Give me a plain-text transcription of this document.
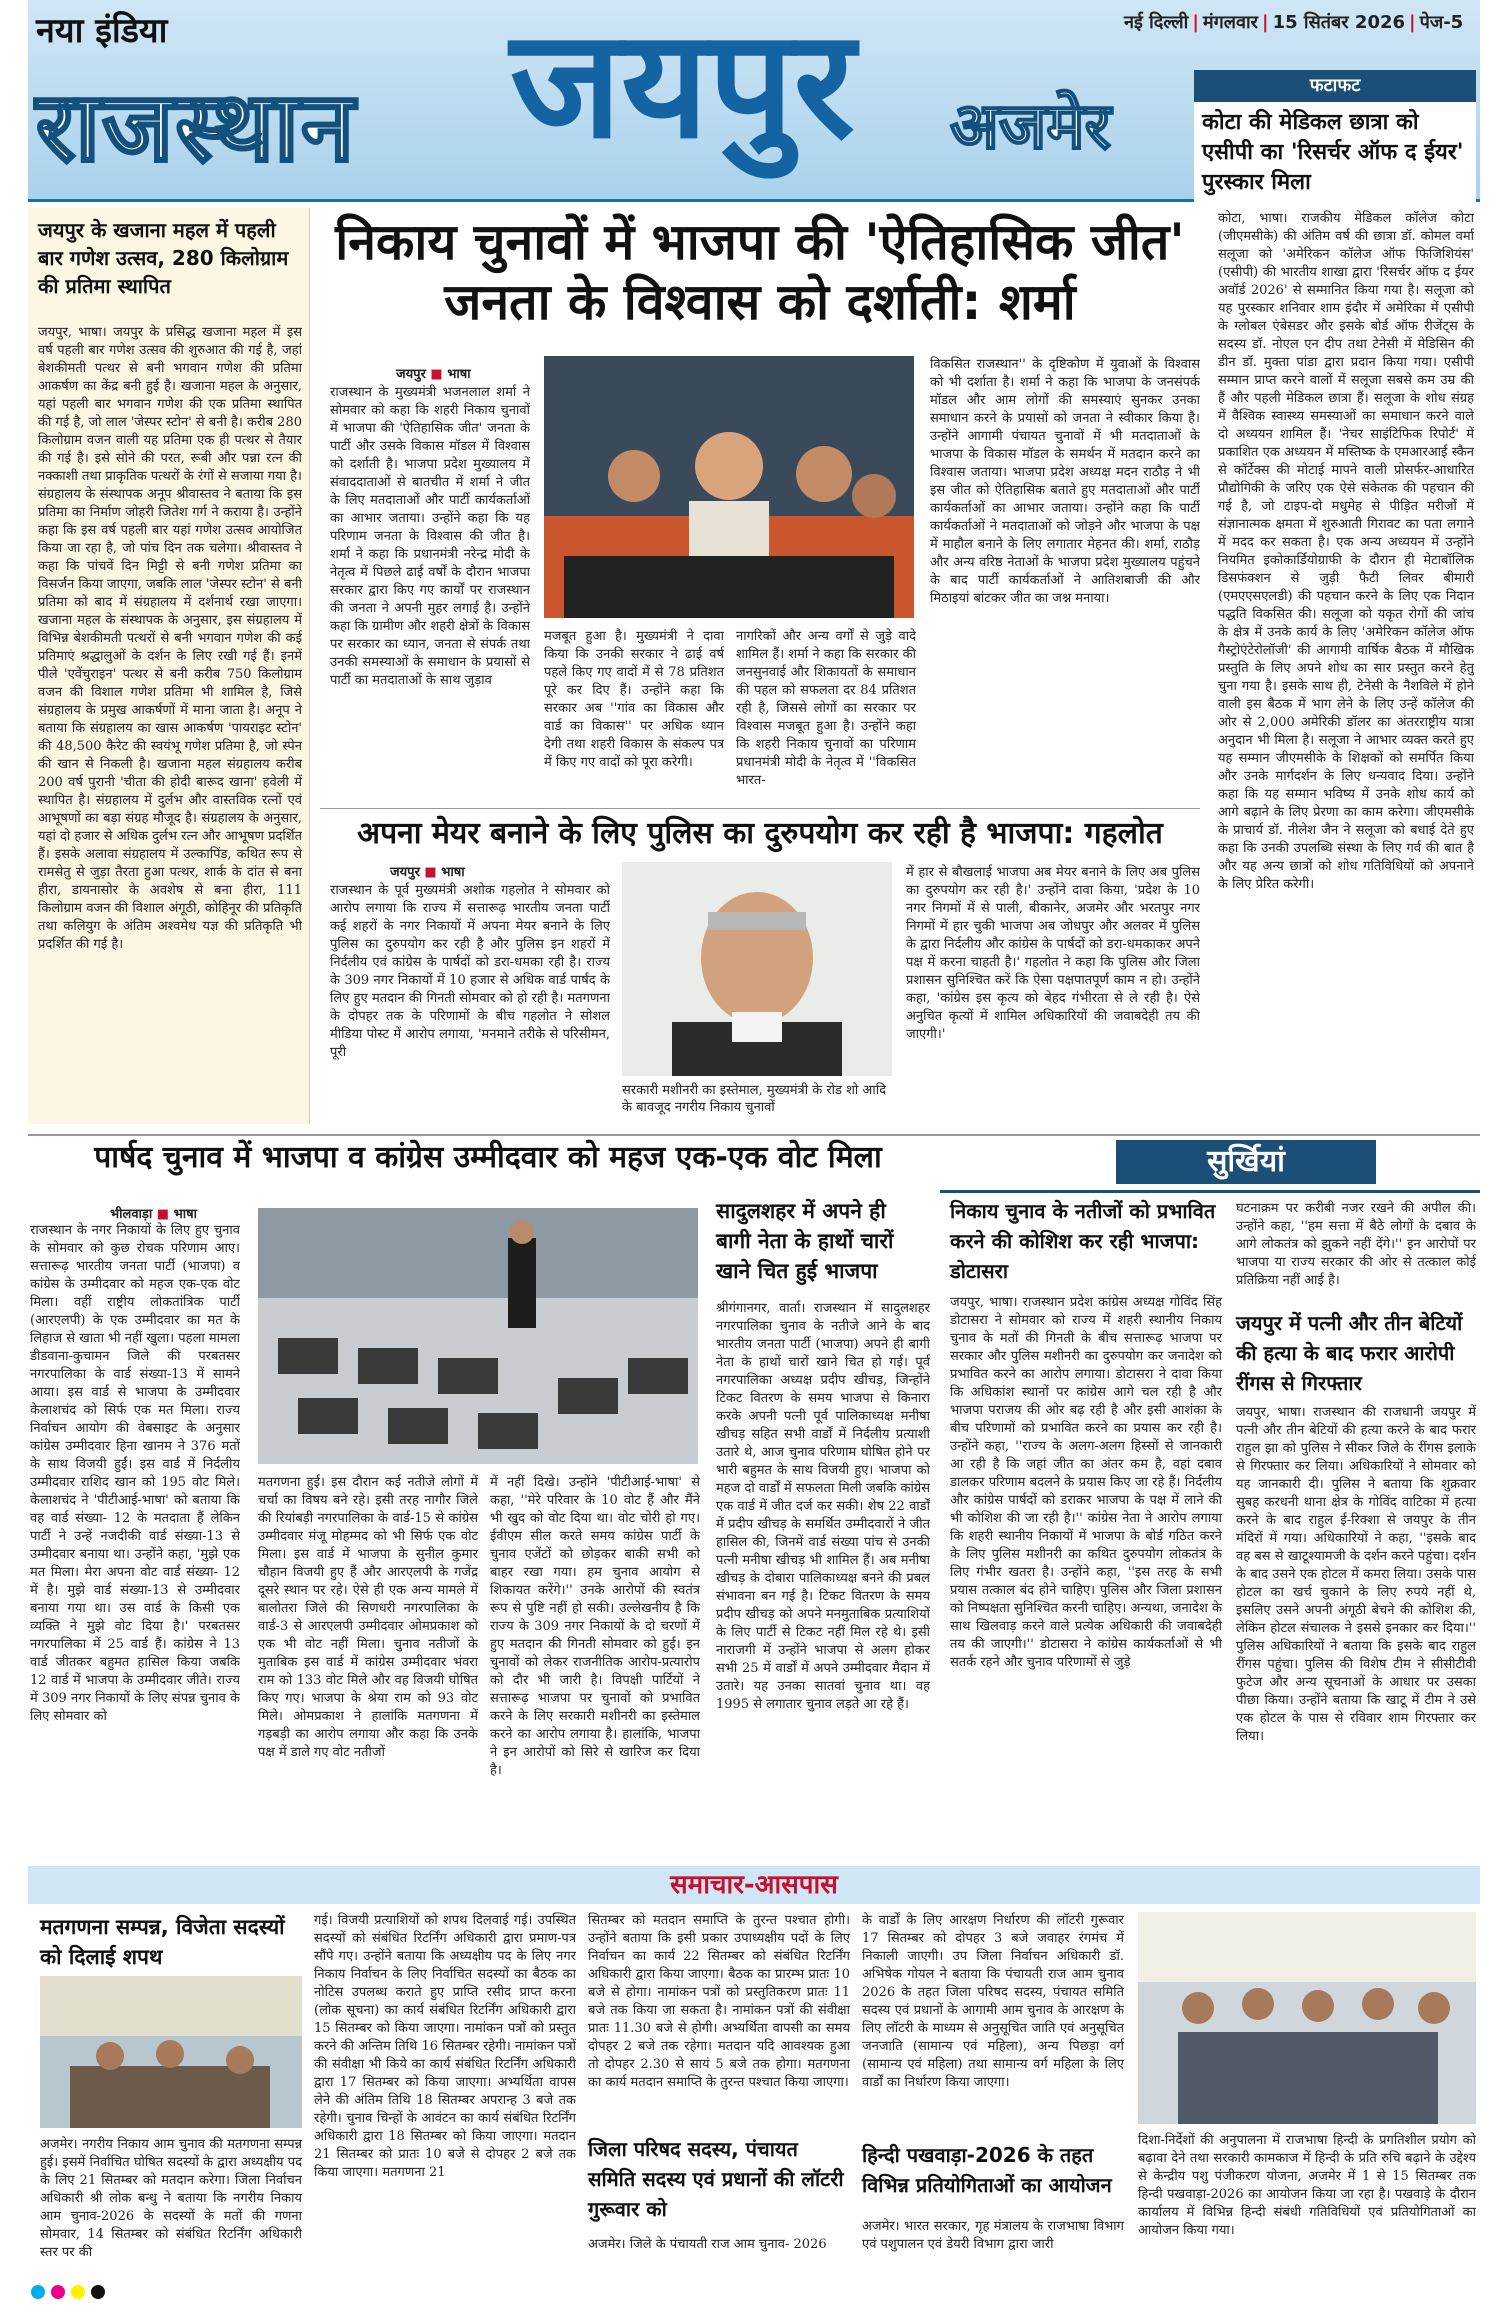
नया इंडिया
राजस्थान जयपुर अजमेर
नई दिल्ली | मंगलवार | 15 सितंबर 2026 | पेज-5
फटाफट
कोटा की मेडिकल छात्रा को एसीपी का 'रिसर्चर ऑफ द ईयर' पुरस्कार मिला
कोटा, भाषा। राजकीय मेडिकल कॉलेज कोटा (जीएमसीके) की अंतिम वर्ष की छात्रा डॉ. कोमल वर्मा सलूजा को 'अमेरिकन कॉलेज ऑफ फिजिशियंस' (एसीपी) की भारतीय शाखा द्वारा 'रिसर्चर ऑफ द ईयर अवॉर्ड 2026' से सम्मानित किया गया है। सलूजा को यह पुरस्कार शनिवार शाम इंदौर में अमेरिका में एसीपी के ग्लोबल एंबेसडर और इसके बोर्ड ऑफ रीजेंट्स के सदस्य डॉ. नोएल एन दीप तथा टेनेसी में मेडिसिन की डीन डॉ. मुक्ता पांडा द्वारा प्रदान किया गया। एसीपी सम्मान प्राप्त करने वालों में सलूजा सबसे कम उम्र की हैं और पहली मेडिकल छात्रा हैं। सलूजा के शोध संग्रह में वैश्विक स्वास्थ्य समस्याओं का समाधान करने वाले दो अध्ययन शामिल हैं। 'नेचर साइंटिफिक रिपोर्ट' में प्रकाशित एक अध्ययन में मस्तिष्क के एमआरआई स्कैन से कॉर्टेक्स की मोटाई मापने वाली प्रोसर्फर-आधारित प्रौद्योगिकी के जरिए एक ऐसे संकेतक की पहचान की गई है, जो टाइप-दो मधुमेह से पीड़ित मरीजों में संज्ञानात्मक क्षमता में शुरुआती गिरावट का पता लगाने में मदद कर सकता है। एक अन्य अध्ययन में उन्होंने नियमित इकोकार्डियोग्राफी के दौरान ही मेटाबॉलिक डिसफंक्शन से जुड़ी फैटी लिवर बीमारी (एमएएसएलडी) की पहचान करने के लिए एक निदान पद्धति विकसित की। सलूजा को यकृत रोगों की जांच के क्षेत्र में उनके कार्य के लिए 'अमेरिकन कॉलेज ऑफ गैस्ट्रोएंटेरोलॉजी' की आगामी वार्षिक बैठक में मौखिक प्रस्तुति के लिए अपने शोध का सार प्रस्तुत करने हेतु चुना गया है। इसके साथ ही, टेनेसी के नैशविले में होने वाली इस बैठक में भाग लेने के लिए उन्हें कॉलेज की ओर से 2,000 अमेरिकी डॉलर का अंतरराष्ट्रीय यात्रा अनुदान भी मिला है। सलूजा ने आभार व्यक्त करते हुए यह सम्मान जीएमसीके के शिक्षकों को समर्पित किया और उनके मार्गदर्शन के लिए धन्यवाद दिया। उन्होंने कहा कि यह सम्मान भविष्य में उनके शोध कार्य को आगे बढ़ाने के लिए प्रेरणा का काम करेगा। जीएमसीके के प्राचार्य डॉ. नीलेश जैन ने सलूजा को बधाई देते हुए कहा कि उनकी उपलब्धि संस्था के लिए गर्व की बात है और यह अन्य छात्रों को शोध गतिविधियों को अपनाने के लिए प्रेरित करेगी।
जयपुर के खजाना महल में पहली बार गणेश उत्सव, 280 किलोग्राम की प्रतिमा स्थापित
जयपुर, भाषा। जयपुर के प्रसिद्ध खजाना महल में इस वर्ष पहली बार गणेश उत्सव की शुरुआत की गई है, जहां बेशकीमती पत्थर से बनी भगवान गणेश की प्रतिमा आकर्षण का केंद्र बनी हुई है। खजाना महल के अनुसार, यहां पहली बार भगवान गणेश की एक प्रतिमा स्थापित की गई है, जो लाल 'जेस्पर स्टोन' से बनी है। करीब 280 किलोग्राम वजन वाली यह प्रतिमा एक ही पत्थर से तैयार की गई है। इसे सोने की परत, रूबी और पन्ना रत्न की नक्काशी तथा प्राकृतिक पत्थरों के रंगों से सजाया गया है। संग्रहालय के संस्थापक अनूप श्रीवास्तव ने बताया कि इस प्रतिमा का निर्माण जोहरी जितेश गर्ग ने कराया है। उन्होंने कहा कि इस वर्ष पहली बार यहां गणेश उत्सव आयोजित किया जा रहा है, जो पांच दिन तक चलेगा। श्रीवास्तव ने कहा कि पांचवें दिन मिट्टी से बनी गणेश प्रतिमा का विसर्जन किया जाएगा, जबकि लाल 'जेस्पर स्टोन' से बनी प्रतिमा को बाद में संग्रहालय में दर्शनार्थ रखा जाएगा। खजाना महल के संस्थापक के अनुसार, इस संग्रहालय में विभिन्न बेशकीमती पत्थरों से बनी भगवान गणेश की कई प्रतिमाएं श्रद्धालुओं के दर्शन के लिए रखी गई हैं। इनमें पीले 'एवेंचुराइन' पत्थर से बनी करीब 750 किलोग्राम वजन की विशाल गणेश प्रतिमा भी शामिल है, जिसे संग्रहालय के प्रमुख आकर्षणों में माना जाता है। अनूप ने बताया कि संग्रहालय का खास आकर्षण 'पायराइट स्टोन' की 48,500 कैरेट की स्वयंभू गणेश प्रतिमा है, जो स्पेन की खान से निकली है। खजाना महल संग्रहालय करीब 200 वर्ष पुरानी 'चीता की होदी बारूद खाना' हवेली में स्थापित है। संग्रहालय में दुर्लभ और वास्तविक रत्नों एवं आभूषणों का बड़ा संग्रह मौजूद है। संग्रहालय के अनुसार, यहां दो हजार से अधिक दुर्लभ रत्न और आभूषण प्रदर्शित हैं। इसके अलावा संग्रहालय में उल्कापिंड, कथित रूप से रामसेतु से जुड़ा तैरता हुआ पत्थर, शार्क के दांत से बना हीरा, डायनासोर के अवशेष से बना हीरा, 111 किलोग्राम वजन की विशाल अंगूठी, कोहिनूर की प्रतिकृति तथा कलियुग के अंतिम अश्वमेध यज्ञ की प्रतिकृति भी प्रदर्शित की गई है।
निकाय चुनावों में भाजपा की 'ऐतिहासिक जीत' जनता के विश्वास को दर्शाती: शर्मा
जयपुर ■ भाषा
राजस्थान के मुख्यमंत्री भजनलाल शर्मा ने सोमवार को कहा कि शहरी निकाय चुनावों में भाजपा की 'ऐतिहासिक जीत' जनता के पार्टी और उसके विकास मॉडल में विश्वास को दर्शाती है। भाजपा प्रदेश मुख्यालय में संवाददाताओं से बातचीत में शर्मा ने जीत के लिए मतदाताओं और पार्टी कार्यकर्ताओं का आभार जताया। उन्होंने कहा कि यह परिणाम जनता के विश्वास की जीत है। शर्मा ने कहा कि प्रधानमंत्री नरेन्द्र मोदी के नेतृत्व में पिछले ढाई वर्षों के दौरान भाजपा सरकार द्वारा किए गए कार्यों पर राजस्थान की जनता ने अपनी मुहर लगाई है। उन्होंने कहा कि ग्रामीण और शहरी क्षेत्रों के विकास पर सरकार का ध्यान, जनता से संपर्क तथा उनकी समस्याओं के समाधान के प्रयासों से पार्टी का मतदाताओं के साथ जुड़ाव
मजबूत हुआ है। मुख्यमंत्री ने दावा किया कि उनकी सरकार ने ढाई वर्ष पहले किए गए वादों में से 78 प्रतिशत पूरे कर दिए हैं। उन्होंने कहा कि सरकार अब ''गांव का विकास और वार्ड का विकास'' पर अधिक ध्यान देगी तथा शहरी विकास के संकल्प पत्र में किए गए वादों को पूरा करेगी।
नागरिकों और अन्य वर्गों से जुड़े वादे शामिल हैं। शर्मा ने कहा कि सरकार की जनसुनवाई और शिकायतों के समाधान की पहल को सफलता दर 84 प्रतिशत रही है, जिससे लोगों का सरकार पर विश्वास मजबूत हुआ है। उन्होंने कहा कि शहरी निकाय चुनावों का परिणाम प्रधानमंत्री मोदी के नेतृत्व में ''विकसित भारत-
विकसित राजस्थान'' के दृष्टिकोण में युवाओं के विश्वास को भी दर्शाता है। शर्मा ने कहा कि भाजपा के जनसंपर्क मॉडल और आम लोगों की समस्याएं सुनकर उनका समाधान करने के प्रयासों को जनता ने स्वीकार किया है। उन्होंने आगामी पंचायत चुनावों में भी मतदाताओं के भाजपा के विकास मॉडल के समर्थन में मतदान करने का विश्वास जताया। भाजपा प्रदेश अध्यक्ष मदन राठौड़ ने भी इस जीत को ऐतिहासिक बताते हुए मतदाताओं और पार्टी कार्यकर्ताओं का आभार जताया। उन्होंने कहा कि पार्टी कार्यकर्ताओं ने मतदाताओं को जोड़ने और भाजपा के पक्ष में माहौल बनाने के लिए लगातार मेहनत की। शर्मा, राठौड़ और अन्य वरिष्ठ नेताओं के भाजपा प्रदेश मुख्यालय पहुंचने के बाद पार्टी कार्यकर्ताओं ने आतिशबाजी की और मिठाइयां बांटकर जीत का जश्न मनाया।
अपना मेयर बनाने के लिए पुलिस का दुरुपयोग कर रही है भाजपा: गहलोत
जयपुर ■ भाषा
राजस्थान के पूर्व मुख्यमंत्री अशोक गहलोत ने सोमवार को आरोप लगाया कि राज्य में सत्तारूढ़ भारतीय जनता पार्टी कई शहरों के नगर निकायों में अपना मेयर बनाने के लिए पुलिस का दुरुपयोग कर रही है और पुलिस इन शहरों में निर्दलीय एवं कांग्रेस के पार्षदों को डरा-धमका रही है। राज्य के 309 नगर निकायों में 10 हजार से अधिक वार्ड पार्षद के लिए हुए मतदान की गिनती सोमवार को हो रही है। मतगणना के दोपहर तक के परिणामों के बीच गहलोत ने सोशल मीडिया पोस्ट में आरोप लगाया, 'मनमाने तरीके से परिसीमन, पूरी
सरकारी मशीनरी का इस्तेमाल, मुख्यमंत्री के रोड शो आदि के बावजूद नगरीय निकाय चुनावों
में हार से बौखलाई भाजपा अब मेयर बनाने के लिए अब पुलिस का दुरुपयोग कर रही है।' उन्होंने दावा किया, 'प्रदेश के 10 नगर निगमों में से पाली, बीकानेर, अजमेर और भरतपुर नगर निगमों में हार चुकी भाजपा अब जोधपुर और अलवर में पुलिस के द्वारा निर्दलीय और कांग्रेस के पार्षदों को डरा-धमकाकर अपने पक्ष में करना चाहती है।' गहलोत ने कहा कि पुलिस और जिला प्रशासन सुनिश्चित करें कि ऐसा पक्षपातपूर्ण काम न हो। उन्होंने कहा, 'कांग्रेस इस कृत्य को बेहद गंभीरता से ले रही है। ऐसे अनुचित कृत्यों में शामिल अधिकारियों की जवाबदेही तय की जाएगी।'
पार्षद चुनाव में भाजपा व कांग्रेस उम्मीदवार को महज एक-एक वोट मिला
भीलवाड़ा ■ भाषा
राजस्थान के नगर निकायों के लिए हुए चुनाव के सोमवार को कुछ रोचक परिणाम आए। सत्तारूढ़ भारतीय जनता पार्टी (भाजपा) व कांग्रेस के उम्मीदवार को महज एक-एक वोट मिला। वहीं राष्ट्रीय लोकतांत्रिक पार्टी (आरएलपी) के एक उम्मीदवार का मत के लिहाज से खाता भी नहीं खुला। पहला मामला डीडवाना-कुचामन जिले की परबतसर नगरपालिका के वार्ड संख्या-13 में सामने आया। इस वार्ड से भाजपा के उम्मीदवार केलाशचंद को सिर्फ एक मत मिला। राज्य निर्वाचन आयोग की वेबसाइट के अनुसार कांग्रेस उम्मीदवार हिना खानम ने 376 मतों के साथ विजयी हुईं। इस वार्ड में निर्दलीय उम्मीदवार राशिद खान को 195 वोट मिले। केलाशचंद ने 'पीटीआई-भाषा' को बताया कि वह वार्ड संख्या- 12 के मतदाता हैं लेकिन पार्टी ने उन्हें नजदीकी वार्ड संख्या-13 से उम्मीदवार बनाया था। उन्होंने कहा, 'मुझे एक मत मिला। मेरा अपना वोट वार्ड संख्या- 12 में है। मुझे वार्ड संख्या-13 से उम्मीदवार बनाया गया था। उस वार्ड के किसी एक व्यक्ति ने मुझे वोट दिया है।' परबतसर नगरपालिका में 25 वार्ड हैं। कांग्रेस ने 13 वार्ड जीतकर बहुमत हासिल किया जबकि 12 वार्ड में भाजपा के उम्मीदवार जीते। राज्य में 309 नगर निकायों के लिए संपन्न चुनाव के लिए सोमवार को
मतगणना हुई। इस दौरान कई नतीजे लोगों में चर्चा का विषय बने रहे। इसी तरह नागौर जिले की रियांबड़ी नगरपालिका के वार्ड-15 से कांग्रेस उम्मीदवार मंजू मोहम्मद को भी सिर्फ एक वोट मिला। इस वार्ड में भाजपा के सुनील कुमार चौहान विजयी हुए हैं और आरएलपी के गजेंद्र दूसरे स्थान पर रहे। ऐसे ही एक अन्य मामले में बालोतरा जिले की सिणधरी नगरपालिका के वार्ड-3 से आरएलपी उम्मीदवार ओमप्रकाश को एक भी वोट नहीं मिला। चुनाव नतीजों के मुताबिक इस वार्ड में कांग्रेस उम्मीदवार भंवरा राम को 133 वोट मिले और वह विजयी घोषित किए गए। भाजपा के श्रेया राम को 93 वोट मिले। ओमप्रकाश ने हालांकि मतगणना में गड़बड़ी का आरोप लगाया और कहा कि उनके पक्ष में डाले गए वोट नतीजों
में नहीं दिखे। उन्होंने 'पीटीआई-भाषा' से कहा, ''मेरे परिवार के 10 वोट हैं और मैंने भी खुद को वोट दिया था। वोट चोरी हो गए। ईवीएम सील करते समय कांग्रेस पार्टी के चुनाव एजेंटों को छोड़कर बाकी सभी को बाहर रखा गया। हम चुनाव आयोग से शिकायत करेंगे।'' उनके आरोपों की स्वतंत्र रूप से पुष्टि नहीं हो सकी। उल्लेखनीय है कि राज्य के 309 नगर निकायों के दो चरणों में हुए मतदान की गिनती सोमवार को हुई। इन चुनावों को लेकर राजनीतिक आरोप-प्रत्यारोप को दौर भी जारी है। विपक्षी पार्टियों ने सत्तारूढ़ भाजपा पर चुनावों को प्रभावित करने के लिए सरकारी मशीनरी का इस्तेमाल करने का आरोप लगाया है। हालांकि, भाजपा ने इन आरोपों को सिरे से खारिज कर दिया है।
सादुलशहर में अपने ही बागी नेता के हाथों चारों खाने चित हुई भाजपा
श्रीगंगानगर, वार्ता। राजस्थान में सादुलशहर नगरपालिका चुनाव के नतीजे आने के बाद भारतीय जनता पार्टी (भाजपा) अपने ही बागी नेता के हाथों चारों खाने चित हो गई। पूर्व नगरपालिका अध्यक्ष प्रदीप खीचड़, जिन्होंने टिकट वितरण के समय भाजपा से किनारा करके अपनी पत्नी पूर्व पालिकाध्यक्ष मनीषा खीचड़ सहित सभी वार्डों में निर्दलीय प्रत्याशी उतारे थे, आज चुनाव परिणाम घोषित होने पर भारी बहुमत के साथ विजयी हुए। भाजपा को महज दो वार्डों में सफलता मिली जबकि कांग्रेस एक वार्ड में जीत दर्ज कर सकी। शेष 22 वार्डों में प्रदीप खीचड़ के समर्थित उम्मीदवारों ने जीत हासिल की, जिनमें वार्ड संख्या पांच से उनकी पत्नी मनीषा खीचड़ भी शामिल हैं। अब मनीषा खीचड़ के दोबारा पालिकाध्यक्ष बनने की प्रबल संभावना बन गई है। टिकट वितरण के समय प्रदीप खीचड़ को अपने मनमुताबिक प्रत्याशियों के लिए पार्टी से टिकट नहीं मिल रहे थे। इसी नाराजगी में उन्होंने भाजपा से अलग होकर सभी 25 में वार्डों में अपने उम्मीदवार मैदान में उतारे। यह उनका सातवां चुनाव था। वह 1995 से लगातार चुनाव लड़ते आ रहे हैं।
सुर्खियां
निकाय चुनाव के नतीजों को प्रभावित करने की कोशिश कर रही भाजपा: डोटासरा
जयपुर, भाषा। राजस्थान प्रदेश कांग्रेस अध्यक्ष गोविंद सिंह डोटासरा ने सोमवार को राज्य में शहरी स्थानीय निकाय चुनाव के मतों की गिनती के बीच सत्तारूढ़ भाजपा पर सरकार और पुलिस मशीनरी का दुरुपयोग कर जनादेश को प्रभावित करने का आरोप लगाया। डोटासरा ने दावा किया कि अधिकांश स्थानों पर कांग्रेस आगे चल रही है और भाजपा पराजय की ओर बढ़ रही है और इसी आशंका के बीच परिणामों को प्रभावित करने का प्रयास कर रही है। उन्होंने कहा, ''राज्य के अलग-अलग हिस्सों से जानकारी आ रही है कि जहां जीत का अंतर कम है, वहां दबाव डालकर परिणाम बदलने के प्रयास किए जा रहे हैं। निर्दलीय और कांग्रेस पार्षदों को डराकर भाजपा के पक्ष में लाने की भी कोशिश की जा रही है।'' कांग्रेस नेता ने आरोप लगाया कि शहरी स्थानीय निकायों में भाजपा के बोर्ड गठित करने के लिए पुलिस मशीनरी का कथित दुरुपयोग लोकतंत्र के लिए गंभीर खतरा है। उन्होंने कहा, ''इस तरह के सभी प्रयास तत्काल बंद होने चाहिए। पुलिस और जिला प्रशासन को निष्पक्षता सुनिश्चित करनी चाहिए। अन्यथा, जनादेश के साथ खिलवाड़ करने वाले प्रत्येक अधिकारी की जवाबदेही तय की जाएगी।'' डोटासरा ने कांग्रेस कार्यकर्ताओं से भी सतर्क रहने और चुनाव परिणामों से जुड़े
घटनाक्रम पर करीबी नजर रखने की अपील की। उन्होंने कहा, ''हम सत्ता में बैठे लोगों के दबाव के आगे लोकतंत्र को झुकने नहीं देंगे।'' इन आरोपों पर भाजपा या राज्य सरकार की ओर से तत्काल कोई प्रतिक्रिया नहीं आई है।
जयपुर में पत्नी और तीन बेटियों की हत्या के बाद फरार आरोपी रींगस से गिरफ्तार
जयपुर, भाषा। राजस्थान की राजधानी जयपुर में पत्नी और तीन बेटियों की हत्या करने के बाद फरार राहुल झा को पुलिस ने सीकर जिले के रींगस इलाके से गिरफ्तार कर लिया। अधिकारियों ने सोमवार को यह जानकारी दी। पुलिस ने बताया कि शुक्रवार सुबह करधनी थाना क्षेत्र के गोविंद वाटिका में हत्या करने के बाद राहुल ई-रिक्शा से जयपुर के तीन मंदिरों में गया। अधिकारियों ने कहा, ''इसके बाद वह बस से खाटूश्यामजी के दर्शन करने पहुंचा। दर्शन के बाद उसने एक होटल में कमरा लिया। उसके पास होटल का खर्च चुकाने के लिए रुपये नहीं थे, इसलिए उसने अपनी अंगूठी बेचने की कोशिश की, लेकिन होटल संचालक ने इससे इनकार कर दिया।'' पुलिस अधिकारियों ने बताया कि इसके बाद राहुल रींगस पहुंचा। पुलिस की विशेष टीम ने सीसीटीवी फुटेज और अन्य सूचनाओं के आधार पर उसका पीछा किया। उन्होंने बताया कि खाटू में टीम ने उसे एक होटल के पास से रविवार शाम गिरफ्तार कर लिया।
समाचार-आसपास
मतगणना सम्पन्न, विजेता सदस्यों को दिलाई शपथ
अजमेर। नगरीय निकाय आम चुनाव की मतगणना सम्पन्न हुई। इसमें निर्वाचित घोषित सदस्यों के द्वारा अध्यक्षीय पद के लिए 21 सितम्बर को मतदान करेगा। जिला निर्वाचन अधिकारी श्री लोक बन्धु ने बताया कि नगरीय निकाय आम चुनाव-2026 के सदस्यों के मतों की गणना सोमवार, 14 सितम्बर को संबंधित रिटर्निंग अधिकारी स्तर पर की
गई। विजयी प्रत्याशियों को शपथ दिलवाई गई। उपस्थित सदस्यों को संबंधित रिटर्निंग अधिकारी द्वारा प्रमाण-पत्र सौंपे गए। उन्होंने बताया कि अध्यक्षीय पद के लिए नगर निकाय निर्वाचन के लिए निर्वाचित सदस्यों का बैठक का नोटिस उपलब्ध कराते हुए प्राप्ति रसीद प्राप्त करना (लोक सूचना) का कार्य संबंधित रिटर्निंग अधिकारी द्वारा 15 सितम्बर को किया जाएगा। नामांकन पत्रों को प्रस्तुत करने की अन्तिम तिथि 16 सितम्बर रहेगी। नामांकन पत्रों की संवीक्षा भी किये का कार्य संबंधित रिटर्निंग अधिकारी द्वारा 17 सितम्बर को किया जाएगा। अभ्यर्थिता वापस लेने की अंतिम तिथि 18 सितम्बर अपरान्ह 3 बजे तक रहेगी। चुनाव चिन्हों के आवंटन का कार्य संबंधित रिटर्निंग अधिकारी द्वारा 18 सितम्बर को किया जाएगा। मतदान 21 सितम्बर को प्रातः 10 बजे से दोपहर 2 बजे तक किया जाएगा। मतगणना 21
सितम्बर को मतदान समाप्ति के तुरन्त पश्चात होगी। उन्होंने बताया कि इसी प्रकार उपाध्यक्षीय पदों के लिए निर्वाचन का कार्य 22 सितम्बर को संबंधित रिटर्निंग अधिकारी द्वारा किया जाएगा। बैठक का प्रारम्भ प्रातः 10 बजे से होगा। नामांकन पत्रों को प्रस्तुतिकरण प्रातः 11 बजे तक किया जा सकता है। नामांकन पत्रों की संवीक्षा प्रातः 11.30 बजे से होगी। अभ्यर्थिता वापसी का समय दोपहर 2 बजे तक रहेगा। मतदान यदि आवश्यक हुआ तो दोपहर 2.30 से सायं 5 बजे तक होगा। मतगणना का कार्य मतदान समाप्ति के तुरन्त पश्चात किया जाएगा।
जिला परिषद सदस्य, पंचायत समिति सदस्य एवं प्रधानों की लॉटरी गुरूवार को
अजमेर। जिले के पंचायती राज आम चुनाव- 2026
के वार्डों के लिए आरक्षण निर्धारण की लॉटरी गुरूवार 17 सितम्बर को दोपहर 3 बजे जवाहर रंगमंच में निकाली जाएगी। उप जिला निर्वाचन अधिकारी डॉ. अभिषेक गोयल ने बताया कि पंचायती राज आम चुनाव 2026 के तहत जिला परिषद सदस्य, पंचायत समिति सदस्य एवं प्रधानों के आगामी आम चुनाव के आरक्षण के लिए लॉटरी के माध्यम से अनुसूचित जाति एवं अनुसूचित जनजाति (सामान्य एवं महिला), अन्य पिछड़ा वर्ग (सामान्य एवं महिला) तथा सामान्य वर्ग महिला के लिए वार्डों का निर्धारण किया जाएगा।
हिन्दी पखवाड़ा-2026 के तहत विभिन्न प्रतियोगिताओं का आयोजन
अजमेर। भारत सरकार, गृह मंत्रालय के राजभाषा विभाग एवं पशुपालन एवं डेयरी विभाग द्वारा जारी
दिशा-निर्देशों की अनुपालना में राजभाषा हिन्दी के प्रगतिशील प्रयोग को बढ़ावा देने तथा सरकारी कामकाज में हिन्दी के प्रति रुचि बढ़ाने के उद्देश्य से केन्द्रीय पशु पंजीकरण योजना, अजमेर में 1 से 15 सितम्बर तक हिन्दी पखवाड़ा-2026 का आयोजन किया जा रहा है। पखवाड़े के दौरान कार्यालय में विभिन्न हिन्दी संबंधी गतिविधियों एवं प्रतियोगिताओं का आयोजन किया गया।
